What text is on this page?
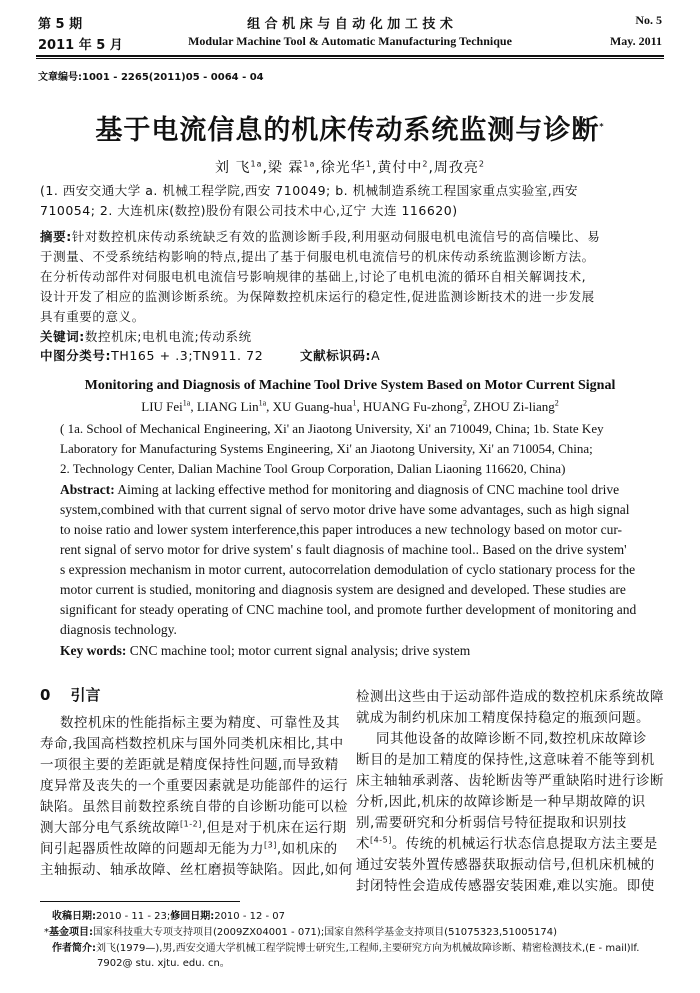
第 5 期
2011 年 5 月
组 合 机 床 与 自 动 化 加 工 技 术
Modular Machine Tool & Automatic Manufacturing Technique
No. 5
May. 2011
文章编号:1001 - 2265(2011)05 - 0064 - 04
基于电流信息的机床传动系统监测与诊断*
刘 飞$^{1a}$,梁 霖$^{1a}$,徐光华$^1$,黄付中$^2$,周孜亮$^2$
(1. 西安交通大学 a. 机械工程学院,西安 710049; b. 机械制造系统工程国家重点实验室,西安
710054; 2. 大连机床(数控)股份有限公司技术中心,辽宁 大连 116620)
摘要:针对数控机床传动系统缺乏有效的监测诊断手段,利用驱动伺服电机电流信号的高信噪比、易
于测量、不受系统结构影响的特点,提出了基于伺服电机电流信号的机床传动系统监测诊断方法。
在分析传动部件对伺服电机电流信号影响规律的基础上,讨论了电机电流的循环自相关解调技术,
设计开发了相应的监测诊断系统。为保障数控机床运行的稳定性,促进监测诊断技术的进一步发展
具有重要的意义。
关键词:数控机床;电机电流;传动系统
中图分类号:TH165 + .3;TN911. 72	文献标识码:A
Monitoring and Diagnosis of Machine Tool Drive System Based on Motor Current Signal
LIU Fei$^{1a}$, LIANG Lin$^{1a}$, XU Guang-hua$^1$, HUANG Fu-zhong$^2$, ZHOU Zi-liang$^2$
( 1a. School of Mechanical Engineering, Xi' an Jiaotong University, Xi' an 710049, China; 1b. State Key
Laboratory for Manufacturing Systems Engineering, Xi' an Jiaotong University, Xi' an 710054, China;
2. Technology Center, Dalian Machine Tool Group Corporation, Dalian Liaoning 116620, China)
Abstract: Aiming at lacking effective method for monitoring and diagnosis of CNC machine tool drive
system,combined with that current signal of servo motor drive have some advantages, such as high signal
to noise ratio and lower system interference,this paper introduces a new technology based on motor cur-
rent signal of servo motor for drive system' s fault diagnosis of machine tool.. Based on the drive system'
s expression mechanism in motor current, autocorrelation demodulation of cyclo stationary process for the
motor current is studied, monitoring and diagnosis system are designed and developed. These studies are
significant for steady operating of CNC machine tool, and promote further development of monitoring and
diagnosis technology.
Key words: CNC machine tool; motor current signal analysis; drive system
0 引言
数控机床的性能指标主要为精度、可靠性及其
寿命,我国高档数控机床与国外同类机床相比,其中
一项很主要的差距就是精度保持性问题,而导致精
度异常及丧失的一个重要因素就是功能部件的运行
缺陷。虽然目前数控系统自带的自诊断功能可以检
测大部分电气系统故障[1-2],但是对于机床在运行期
间引起器质性故障的问题却无能为力[3],如机床的
主轴振动、轴承故障、丝杠磨损等缺陷。因此,如何
检测出这些由于运动部件造成的数控机床系统故障
就成为制约机床加工精度保持稳定的瓶颈问题。
同其他设备的故障诊断不同,数控机床故障诊
断目的是加工精度的保持性,这意味着不能等到机
床主轴轴承剥落、齿轮断齿等严重缺陷时进行诊断
分析,因此,机床的故障诊断是一种早期故障的识
别,需要研究和分析弱信号特征提取和识别技
术[4-5]。传统的机械运行状态信息提取方法主要是
通过安装外置传感器获取振动信号,但机床机械的
封闭特性会造成传感器安装困难,难以实施。即使
收稿日期:2010 - 11 - 23;修回日期:2010 - 12 - 07
*基金项目:国家科技重大专项支持项目(2009ZX04001 - 071);国家自然科学基金支持项目(51075323,51005174)
作者简介:刘飞(1979—),男,西安交通大学机械工程学院博士研究生,工程师,主要研究方向为机械故障诊断、精密检测技术,(E - mail)lf.
7902@ stu. xjtu. edu. cn。
